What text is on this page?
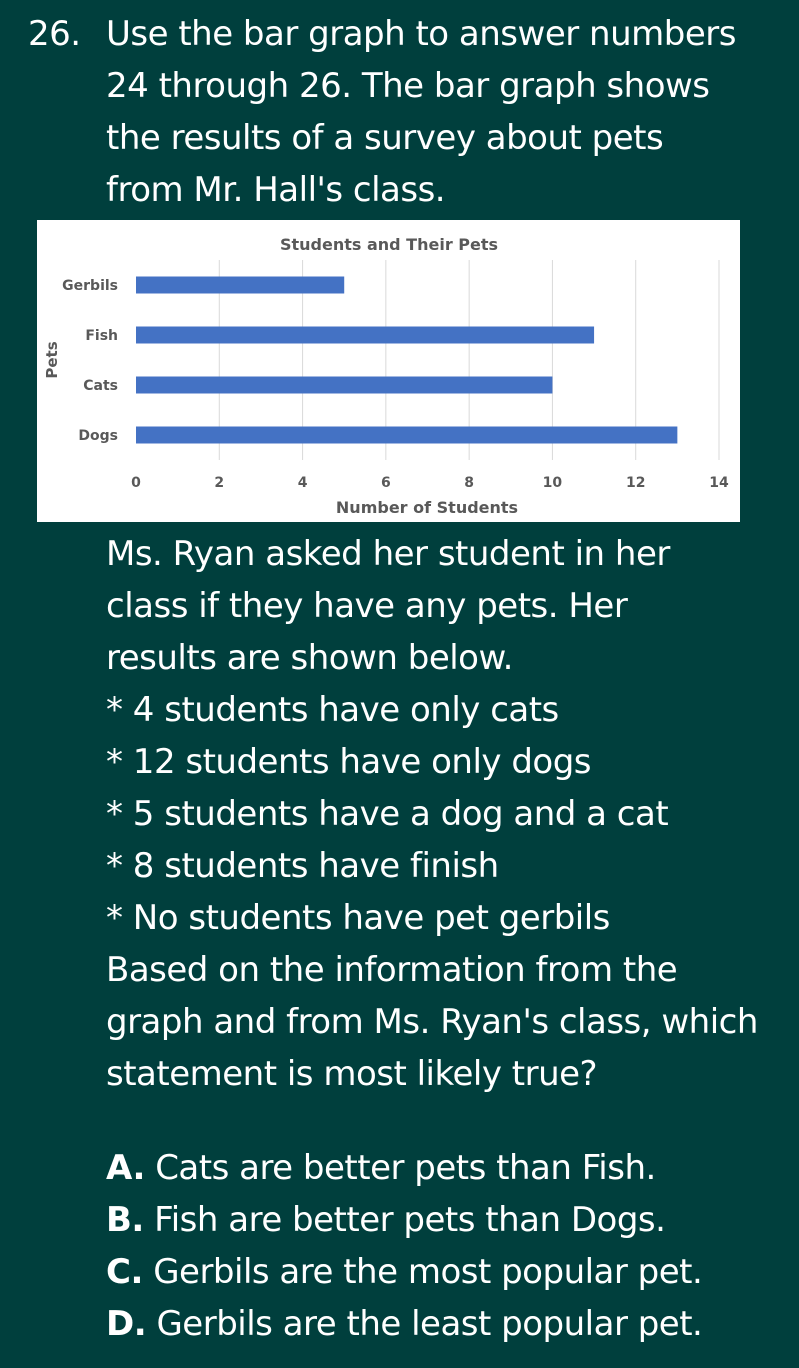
26. Use the bar graph to answer numbers
24 through 26. The bar graph shows
the results of a survey about pets
from Mr. Hall's class.
Students and Their Pets
Gerbils
Fish
Cats
Dogs
0	2	4	6	8	10	12	14
Number of Students
Pets
Ms. Ryan asked her student in her
class if they have any pets. Her
results are shown below.
* 4 students have only cats
* 12 students have only dogs
* 5 students have a dog and a cat
* 8 students have finish
* No students have pet gerbils
Based on the information from the
graph and from Ms. Ryan's class, which
statement is most likely true?
A. Cats are better pets than Fish.
B. Fish are better pets than Dogs.
C. Gerbils are the most popular pet.
D. Gerbils are the least popular pet.
